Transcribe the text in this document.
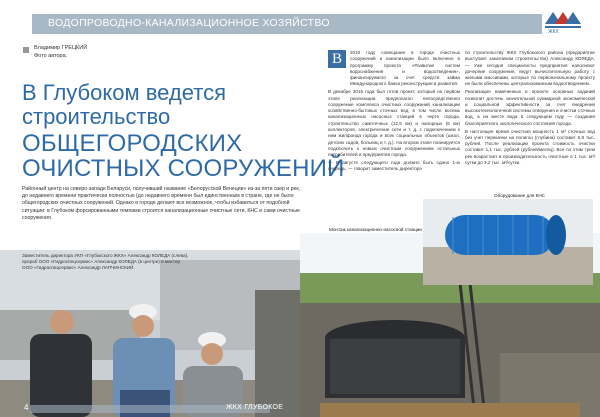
ВОДОПРОВОДНО-КАНАЛИЗАЦИОННОЕ ХОЗЯЙСТВО
ЖКХ
Владимир ГРЕЦКИЙ
Фото автора.
В Глубоком ведется
строительство
ОБЩЕГОРОДСКИХ
ОЧИСТНЫХ СООРУЖЕНИЙ
Районный центр на северо-западе Беларуси, получивший название «Белорусской Венеции» из-за пяти озер и рек, до недавнего времени практически полностью (до недавнего времени был единственным в стране, где не было общегородских очистных сооружений. Однако в городе делают все возможное, чтобы избавиться от подобной ситуации: в Глубоком форсированными темпами строится канализационные очистные сети, КНС и сами очистные сооружения.
Заместитель директора УКП «Глубокского ЖКХ» Александр КОЛЕДА (слева), прораб ООО «Гидроспецсервис» Александр КОЛЕДА (в центре) и мастер ООО «Гидроспецсервис» Александр ЛАПЧИНСКИЙ.
В	2010 году совещание в городе очистных сооружений и канализации было включено в программу проекта «Развитие систем водоснабжения и водоотведения», финансируемого за счет средств займа Международного банка реконструкции и развития.

В декабре 2015 года был готов проект, который на первом этапе реализации предполагал непосредственно сооружение комплекса очистных сооружений канализации хозяйственно-бытовых сточных вод, в том числе восемь канализационных насосных станций в черте города, строительство самотечных (12,5 км) и напорных (6 км) коллекторов, электрические сети и т. д. с подключением к ним жилфонда города и всех социальных объектов (школ, детских садов, больниц и т. д.). На втором этапе планируется подключить к новым очистным сооружениям остальных потребителей и предприятия города.

— В августе следующего года должно быть сдано 1-ю очередь, — говорит заместитель директора

по строительству ЖКХ Глубокского района (предприятие выступает заказчиком строительства) Александр КОЛЕДА. — Уже сегодня специалисты предприятия наполняют дочерние сооружения, ведут вычислительную работу с жилыми массивами, которые по первоначальному проекту не были обеспечены централизованным водоотведением.

Реализация намеченных в проекте основных заданий позволит достичь значительной суммарной экономической и социальной эффективности за счет внедрения высокотехнологичной системы отведения и очистки сточных вод, а на месте вода в следующем году — создания благоприятного экологического состояния города.

В настоящее время очистная мощность 1 м³ сточных вод без учет перекачки на полигон (глубина) составит 5,8 тыс. рублей. После реализации проекта стоимость очистки составит 1,1 тыс. рублей (рублей/месяц). Все по этим трем рек возрастает и производительность очистные в 1 тыс. м³/сутки до 3,2 тыс. м³/сутки.

Оборудование для КНС
Монтаж канализационно-насосной станции
4	ЖКХ ГЛУБОКОЕ
